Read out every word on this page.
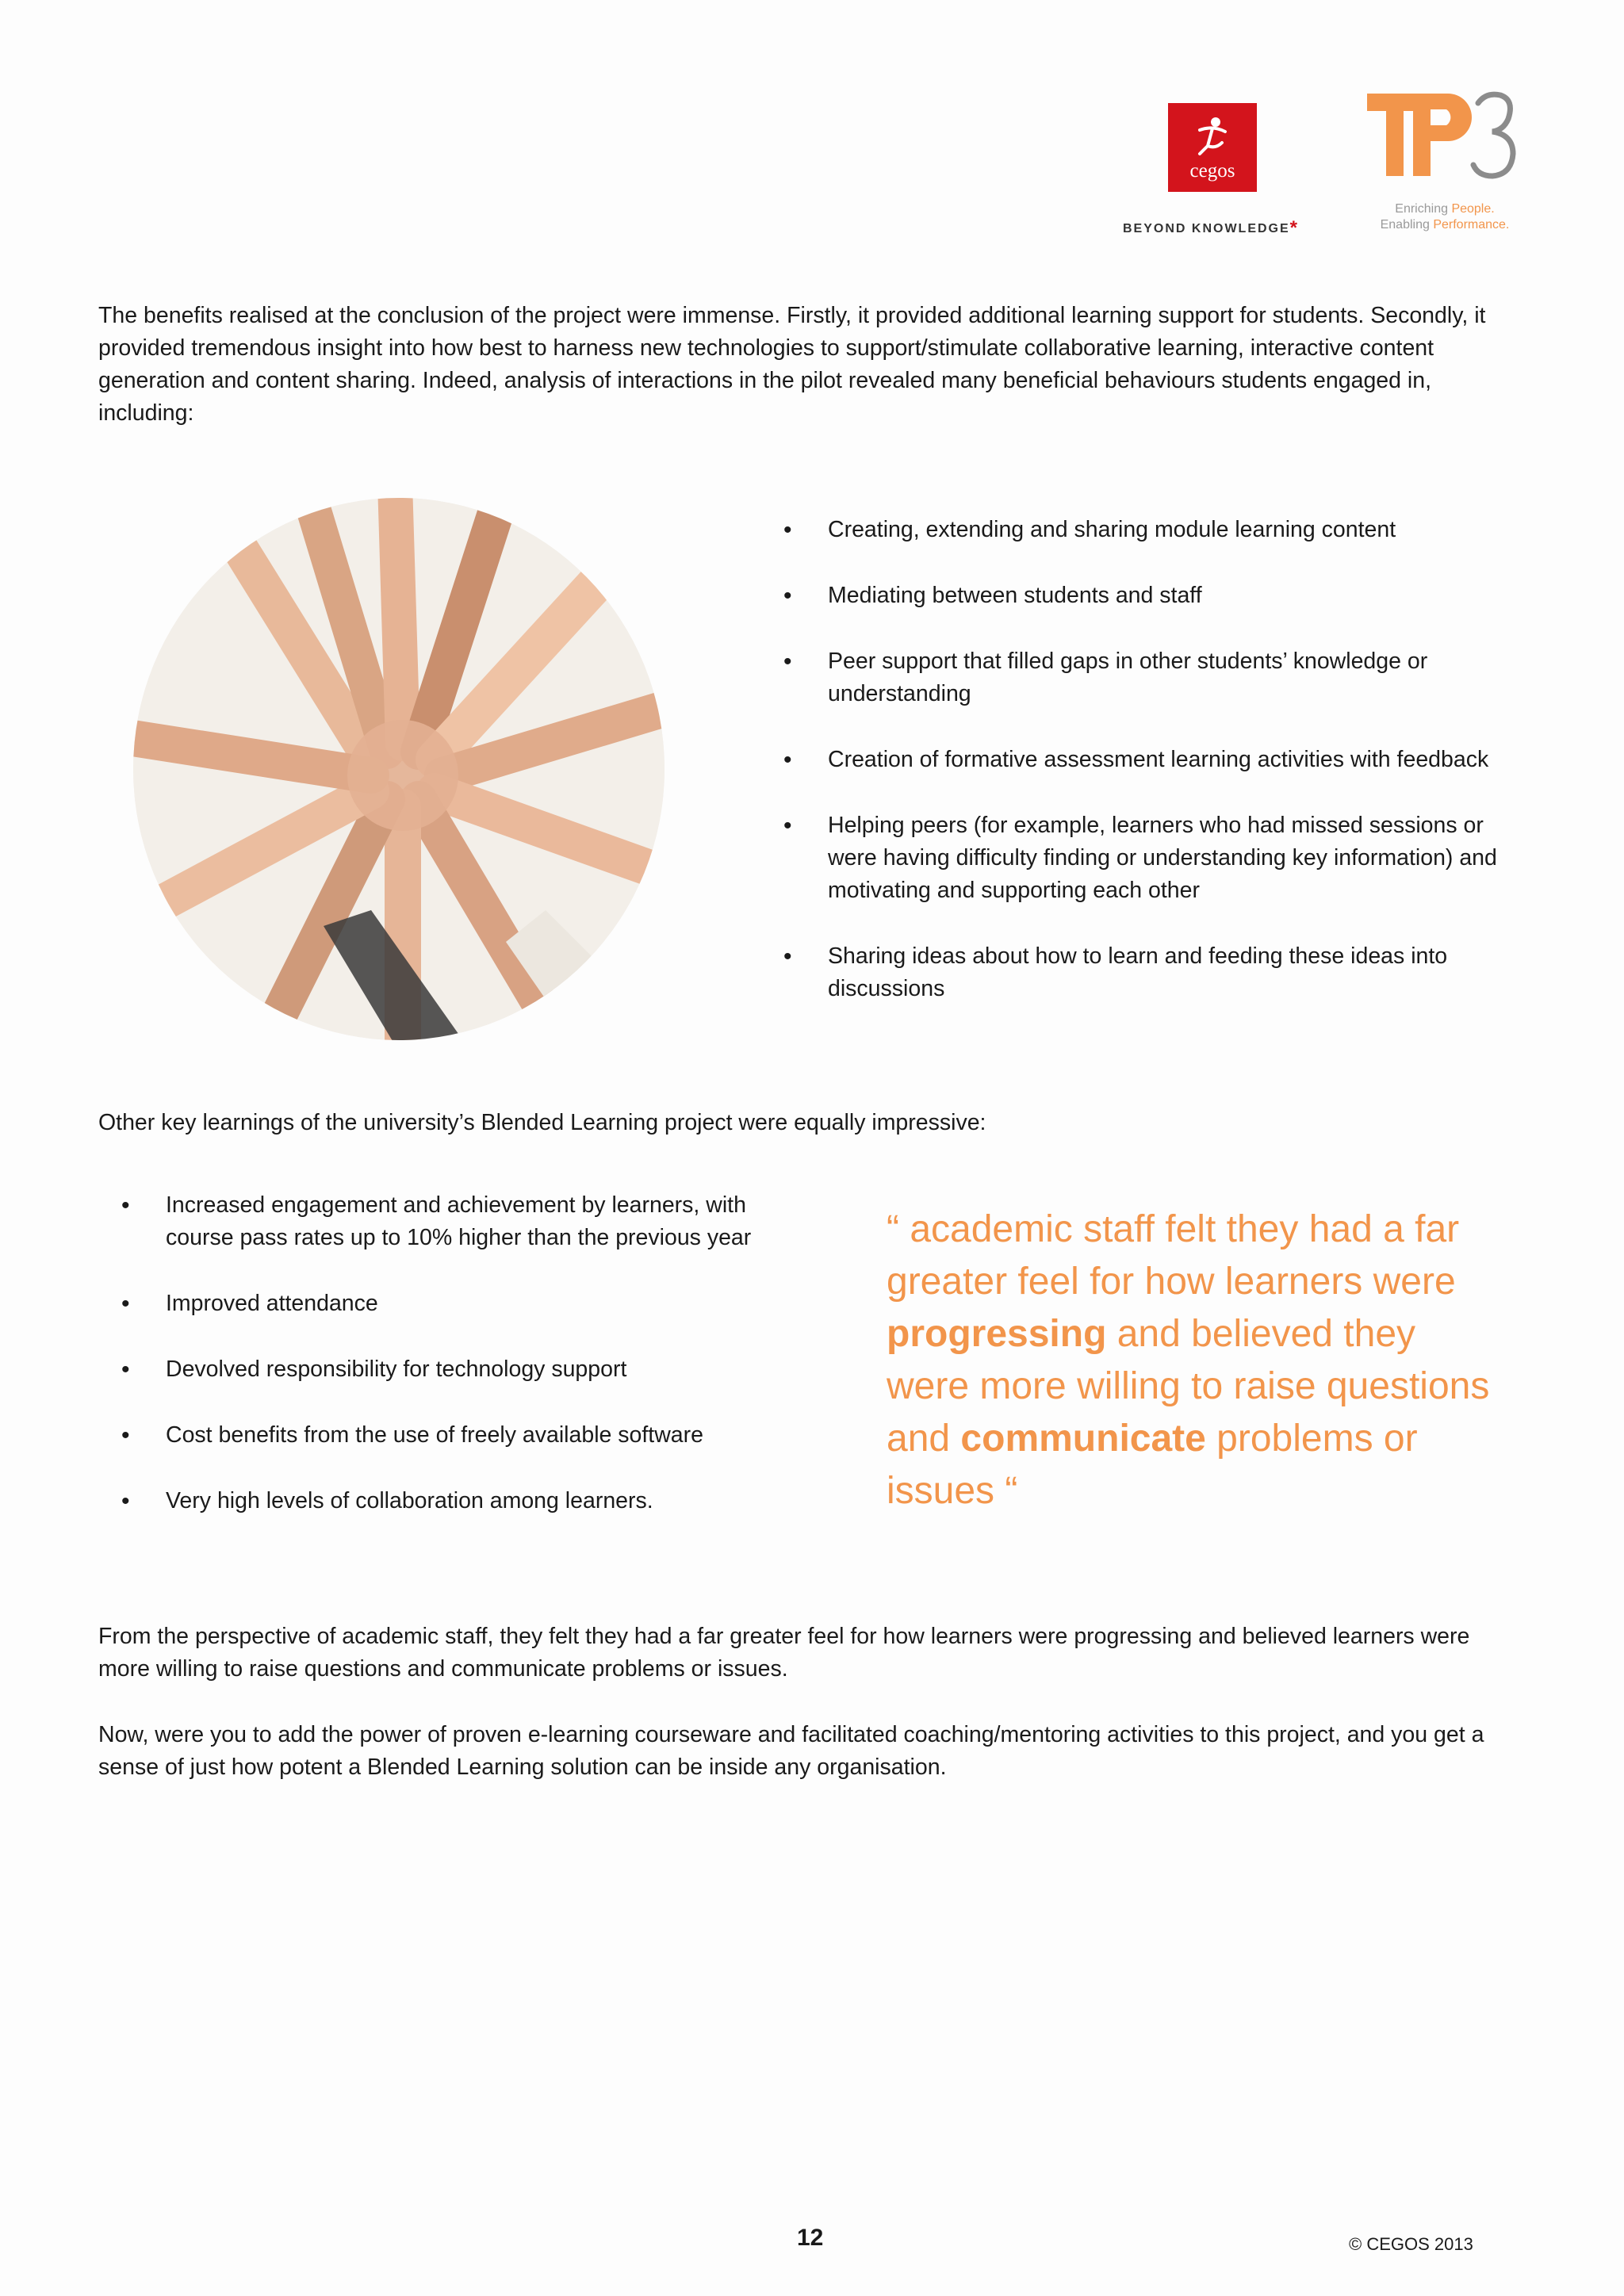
cegos
BEYOND KNOWLEDGE*
Enriching People.
Enabling Performance.

The benefits realised at the conclusion of the project were immense. Firstly, it provided additional learning support for students. Secondly, it provided tremendous insight into how best to harness new technologies to support/stimulate collaborative learning, interactive content generation and content sharing. Indeed, analysis of interactions in the pilot revealed many beneficial behaviours students engaged in, including:

• Creating, extending and sharing module learning content
• Mediating between students and staff
• Peer support that filled gaps in other students’ knowledge or understanding
• Creation of formative assessment learning activities with feedback
• Helping peers (for example, learners who had missed sessions or were having difficulty finding or understanding key information) and motivating and supporting each other
• Sharing ideas about how to learn and feeding these ideas into discussions

Other key learnings of the university’s Blended Learning project were equally impressive:

• Increased engagement and achievement by learners, with course pass rates up to 10% higher than the previous year
• Improved attendance
• Devolved responsibility for technology support
• Cost benefits from the use of freely available software
• Very high levels of collaboration among learners.
“ academic staff felt they had a far greater feel for how learners were progressing and believed they were more willing to raise questions and communicate problems or issues “

From the perspective of academic staff, they felt they had a far greater feel for how learners were progressing and believed learners were more willing to raise questions and communicate problems or issues.

Now, were you to add the power of proven e-learning courseware and facilitated coaching/mentoring activities to this project, and you get a sense of just how potent a Blended Learning solution can be inside any organisation.

12	© CEGOS 2013
